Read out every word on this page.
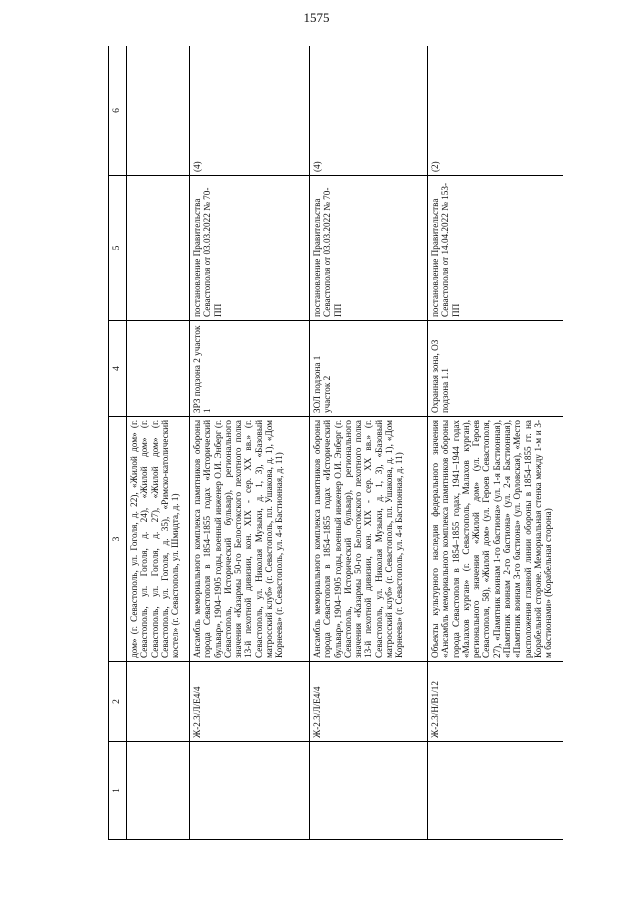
1575
1	2	3	4	5	6
		дом» (г. Севастополь, ул. Гоголя, д. 22), «Жилой дом» (г. Севастополь, ул. Гоголя, д. 24), «Жилой дом» (г. Севастополь, ул. Гоголя, д. 27), «Жилой дом» (г. Севастополь, ул. Гоголя, д. 35), «Римско-католический костел» (г. Севастополь, ул. Шмидта, д. 1)			
	Ж-2.3/Л/Е4/4	Ансамбль мемориального комплекса памятников обороны города Севастополя в 1854–1855 годах «Исторический бульвар», 1904–1905 годы, военный инженер О.И. Энберг (г. Севастополь, Исторический бульвар), регионального значения «Казармы 50-го Белостокского пехотного полка 13-й пехотной дивизии, кон. XIX - сер. XX вв.» (г. Севастополь, ул. Николая Музыки, д. 1, 3), «Базовый матросский клуб» (г. Севастополь, пл. Ушакова, д. 1), «Дом Корнеева» (г. Севастополь, ул. 4-я Бастионная, д. 11)	ЗРЗ подзона 2 участок 1	постановление Правительства Севастополя от 03.03.2022 № 70-ПП	(4)
	Ж-2.3/Л/Е4/4	Ансамбль мемориального комплекса памятников обороны города Севастополя в 1854–1855 годах «Исторический бульвар», 1904–1905 годы, военный инженер О.И. Энберг (г. Севастополь, Исторический бульвар), регионального значения «Казармы 50-го Белостокского пехотного полка 13-й пехотной дивизии, кон. XIX - сер. XX вв.» (г. Севастополь, ул. Николая Музыки, д. 1, 3), «Базовый матросский клуб» (г. Севастополь, пл. Ушакова, д. 1), «Дом Корнеева» (г. Севастополь, ул. 4-я Бастионная, д. 11)	ЗОЛ подзона 1 участок 2	постановление Правительства Севастополя от 03.03.2022 № 70-ПП	(4)
	Ж-2.3/Н/В1/12	Объекты культурного наследия федерального значения «Ансамбль мемориального комплекса памятников обороны города Севастополя в 1854–1855 годах, 1941–1944 годах «Малахов курган» (г. Севастополь, Малахов курган), регионального значения «Жилой дом» (ул. Героев Севастополя, 58), «Жилой дом» (ул. Героев Севастополя, 27), «Памятник воинам 1-го бастиона» (ул. 1-я Бастионная), «Памятник воинам 2-го бастиона» (ул. 2-я Бастионная), «Памятник воинам 3-го бастиона» (ул. Орловская), «Место расположения главной линии обороны в 1854–1855 гг. на Корабельной стороне. Мемориальная стенка между 1-м и 3-м бастионами» (Корабельная сторона)	Охранная зона, ОЗ подзона 1.1	постановление Правительства Севастополя от 14.04.2022 № 153-ПП	(2)
